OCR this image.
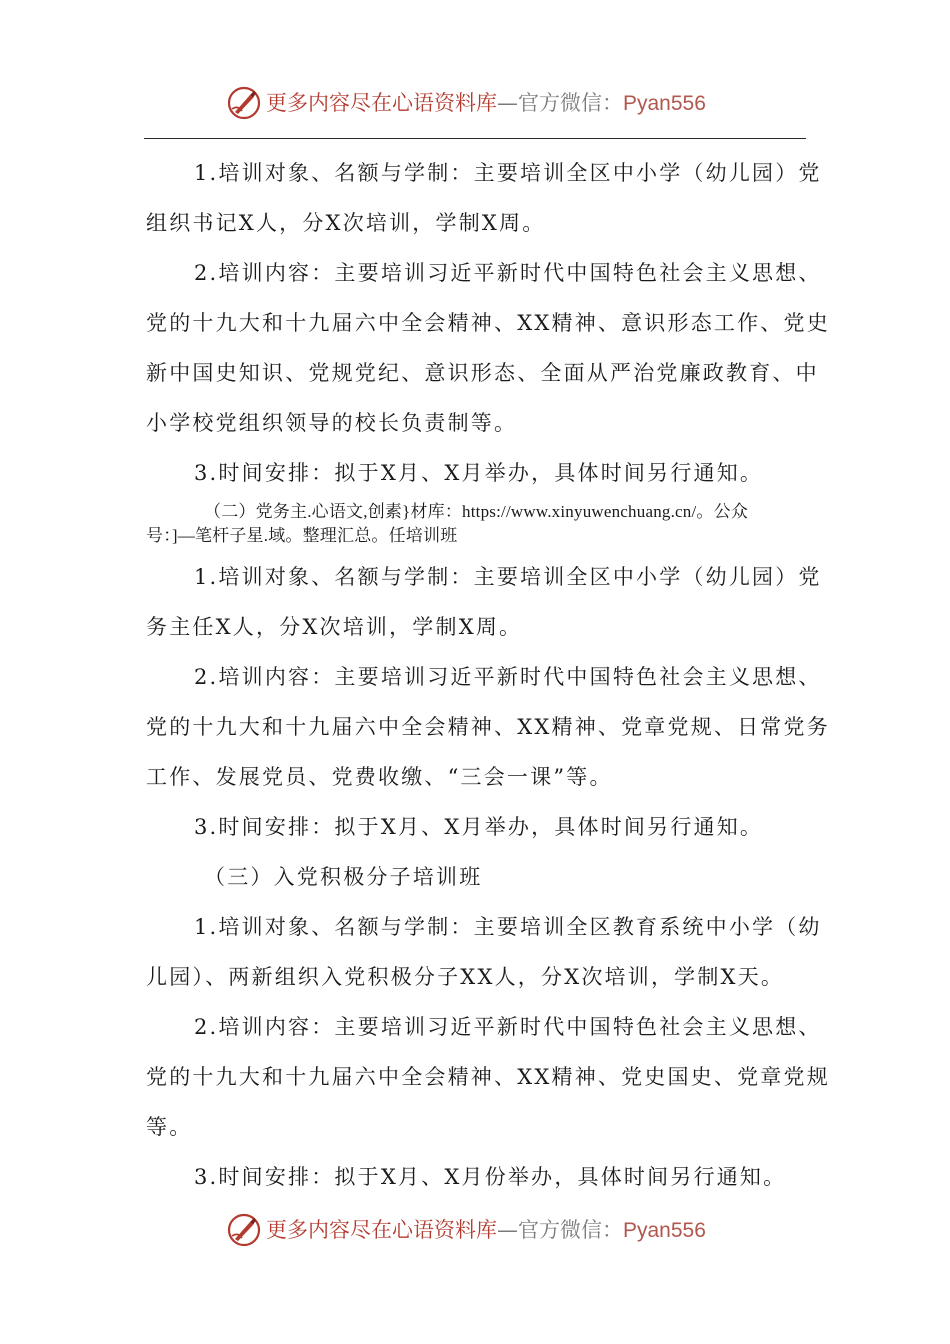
更多内容尽在心语资料库—官方微信：Pyan556
1.培训对象、名额与学制：主要培训全区中小学（幼儿园）党
组织书记X人，分X次培训，学制X周。
2.培训内容：主要培训习近平新时代中国特色社会主义思想、
党的十九大和十九届六中全会精神、XX精神、意识形态工作、党史
新中国史知识、党规党纪、意识形态、全面从严治党廉政教育、中
小学校党组织领导的校长负责制等。
3.时间安排：拟于X月、X月举办，具体时间另行通知。
（二）党务主.心语文,创素}材库：https://www.xinyuwenchuang.cn/。公众
号：]—笔杆子星.域。整理汇总。任培训班
1.培训对象、名额与学制：主要培训全区中小学（幼儿园）党
务主任X人，分X次培训，学制X周。
2.培训内容：主要培训习近平新时代中国特色社会主义思想、
党的十九大和十九届六中全会精神、XX精神、党章党规、日常党务
工作、发展党员、党费收缴、“三会一课”等。
3.时间安排：拟于X月、X月举办，具体时间另行通知。
（三）入党积极分子培训班
1.培训对象、名额与学制：主要培训全区教育系统中小学（幼
儿园）、两新组织入党积极分子XX人，分X次培训，学制X天。
2.培训内容：主要培训习近平新时代中国特色社会主义思想、
党的十九大和十九届六中全会精神、XX精神、党史国史、党章党规
等。
3.时间安排：拟于X月、X月份举办，具体时间另行通知。
更多内容尽在心语资料库—官方微信：Pyan556
